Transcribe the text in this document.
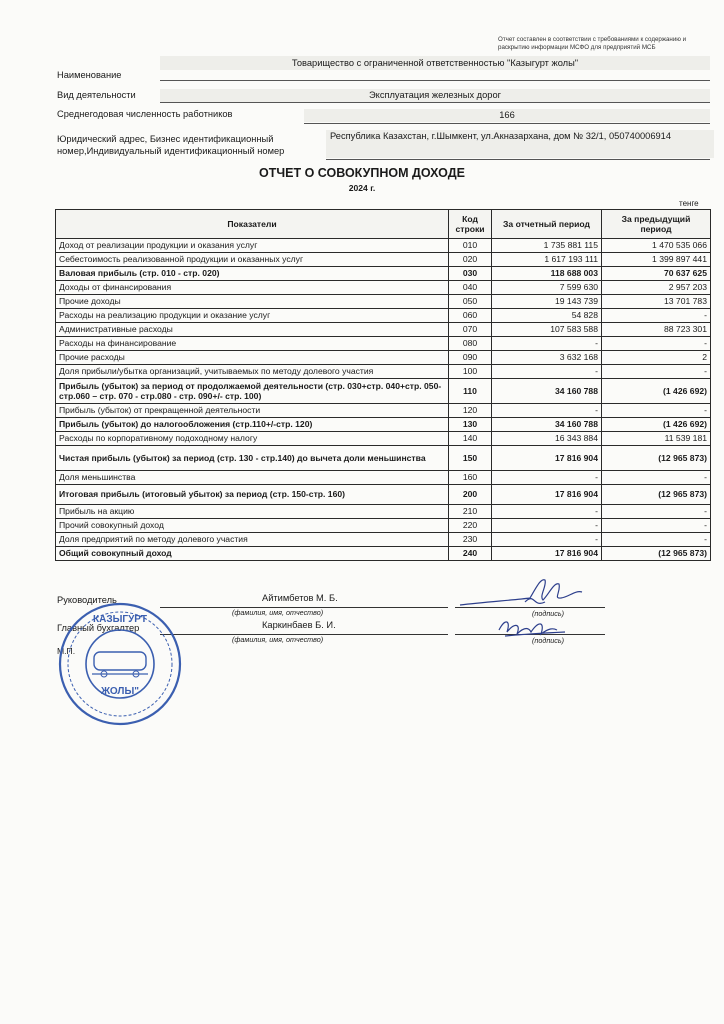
Отчет составлен в соответствии с требованиями к содержанию и раскрытию информации МСФО для предприятий МСБ
Товарищество с ограниченной ответственностью "Казыгурт жолы"
Наименование
Вид деятельности	Эксплуатация железных дорог
Среднегодовая численность работников	166
Юридический адрес, Бизнес идентификационный
номер,Индивидуальный идентификационный номер
Республика Казахстан, г.Шымкент, ул.Акназархана, дом № 32/1, 050740006914
ОТЧЕТ О СОВОКУПНОМ ДОХОДЕ
2024 г.
тенге
Показатели	Код строки	За отчетный период	За предыдущий период
Доход от реализации продукции и оказания услуг	010	1 735 881 115	1 470 535 066
Себестоимость реализованной продукции и оказанных услуг	020	1 617 193 111	1 399 897 441
Валовая прибыль (стр. 010 - стр. 020)	030	118 688 003	70 637 625
Доходы от финансирования	040	7 599 630	2 957 203
Прочие доходы	050	19 143 739	13 701 783
Расходы на реализацию продукции и оказание услуг	060	54 828	-
Административные расходы	070	107 583 588	88 723 301
Расходы на финансирование	080	-	-
Прочие расходы	090	3 632 168	2
Доля прибыли/убытка организаций, учитываемых по методу долевого участия	100	-	-
Прибыль (убыток) за период от продолжаемой деятельности (стр. 030+стр. 040+стр. 050-стр.060 – стр. 070 - стр.080 - стр. 090+/- стр. 100)	110	34 160 788	(1 426 692)
Прибыль (убыток) от прекращенной деятельности	120	-	-
Прибыль (убыток) до налогообложения (стр.110+/-стр. 120)	130	34 160 788	(1 426 692)
Расходы по корпоративному подоходному налогу	140	16 343 884	11 539 181
Чистая прибыль (убыток) за период (стр. 130 - стр.140) до вычета доли меньшинства	150	17 816 904	(12 965 873)
Доля меньшинства	160	-	-
Итоговая прибыль (итоговый убыток) за период (стр. 150-стр. 160)	200	17 816 904	(12 965 873)
Прибыль на акцию	210	-	-
Прочий совокупный доход	220	-	-
Доля предприятий по методу долевого участия	230	-	-
Общий совокупный доход	240	17 816 904	(12 965 873)
Руководитель	Айтимбетов М. Б.
(фамилия, имя, отчество)	(подпись)
Главный бухгалтер	Каркинбаев Б. И.
(фамилия, имя, отчество)	(подпись)
М.П.
КАЗЫГУРТ
ЖОЛЫ"
